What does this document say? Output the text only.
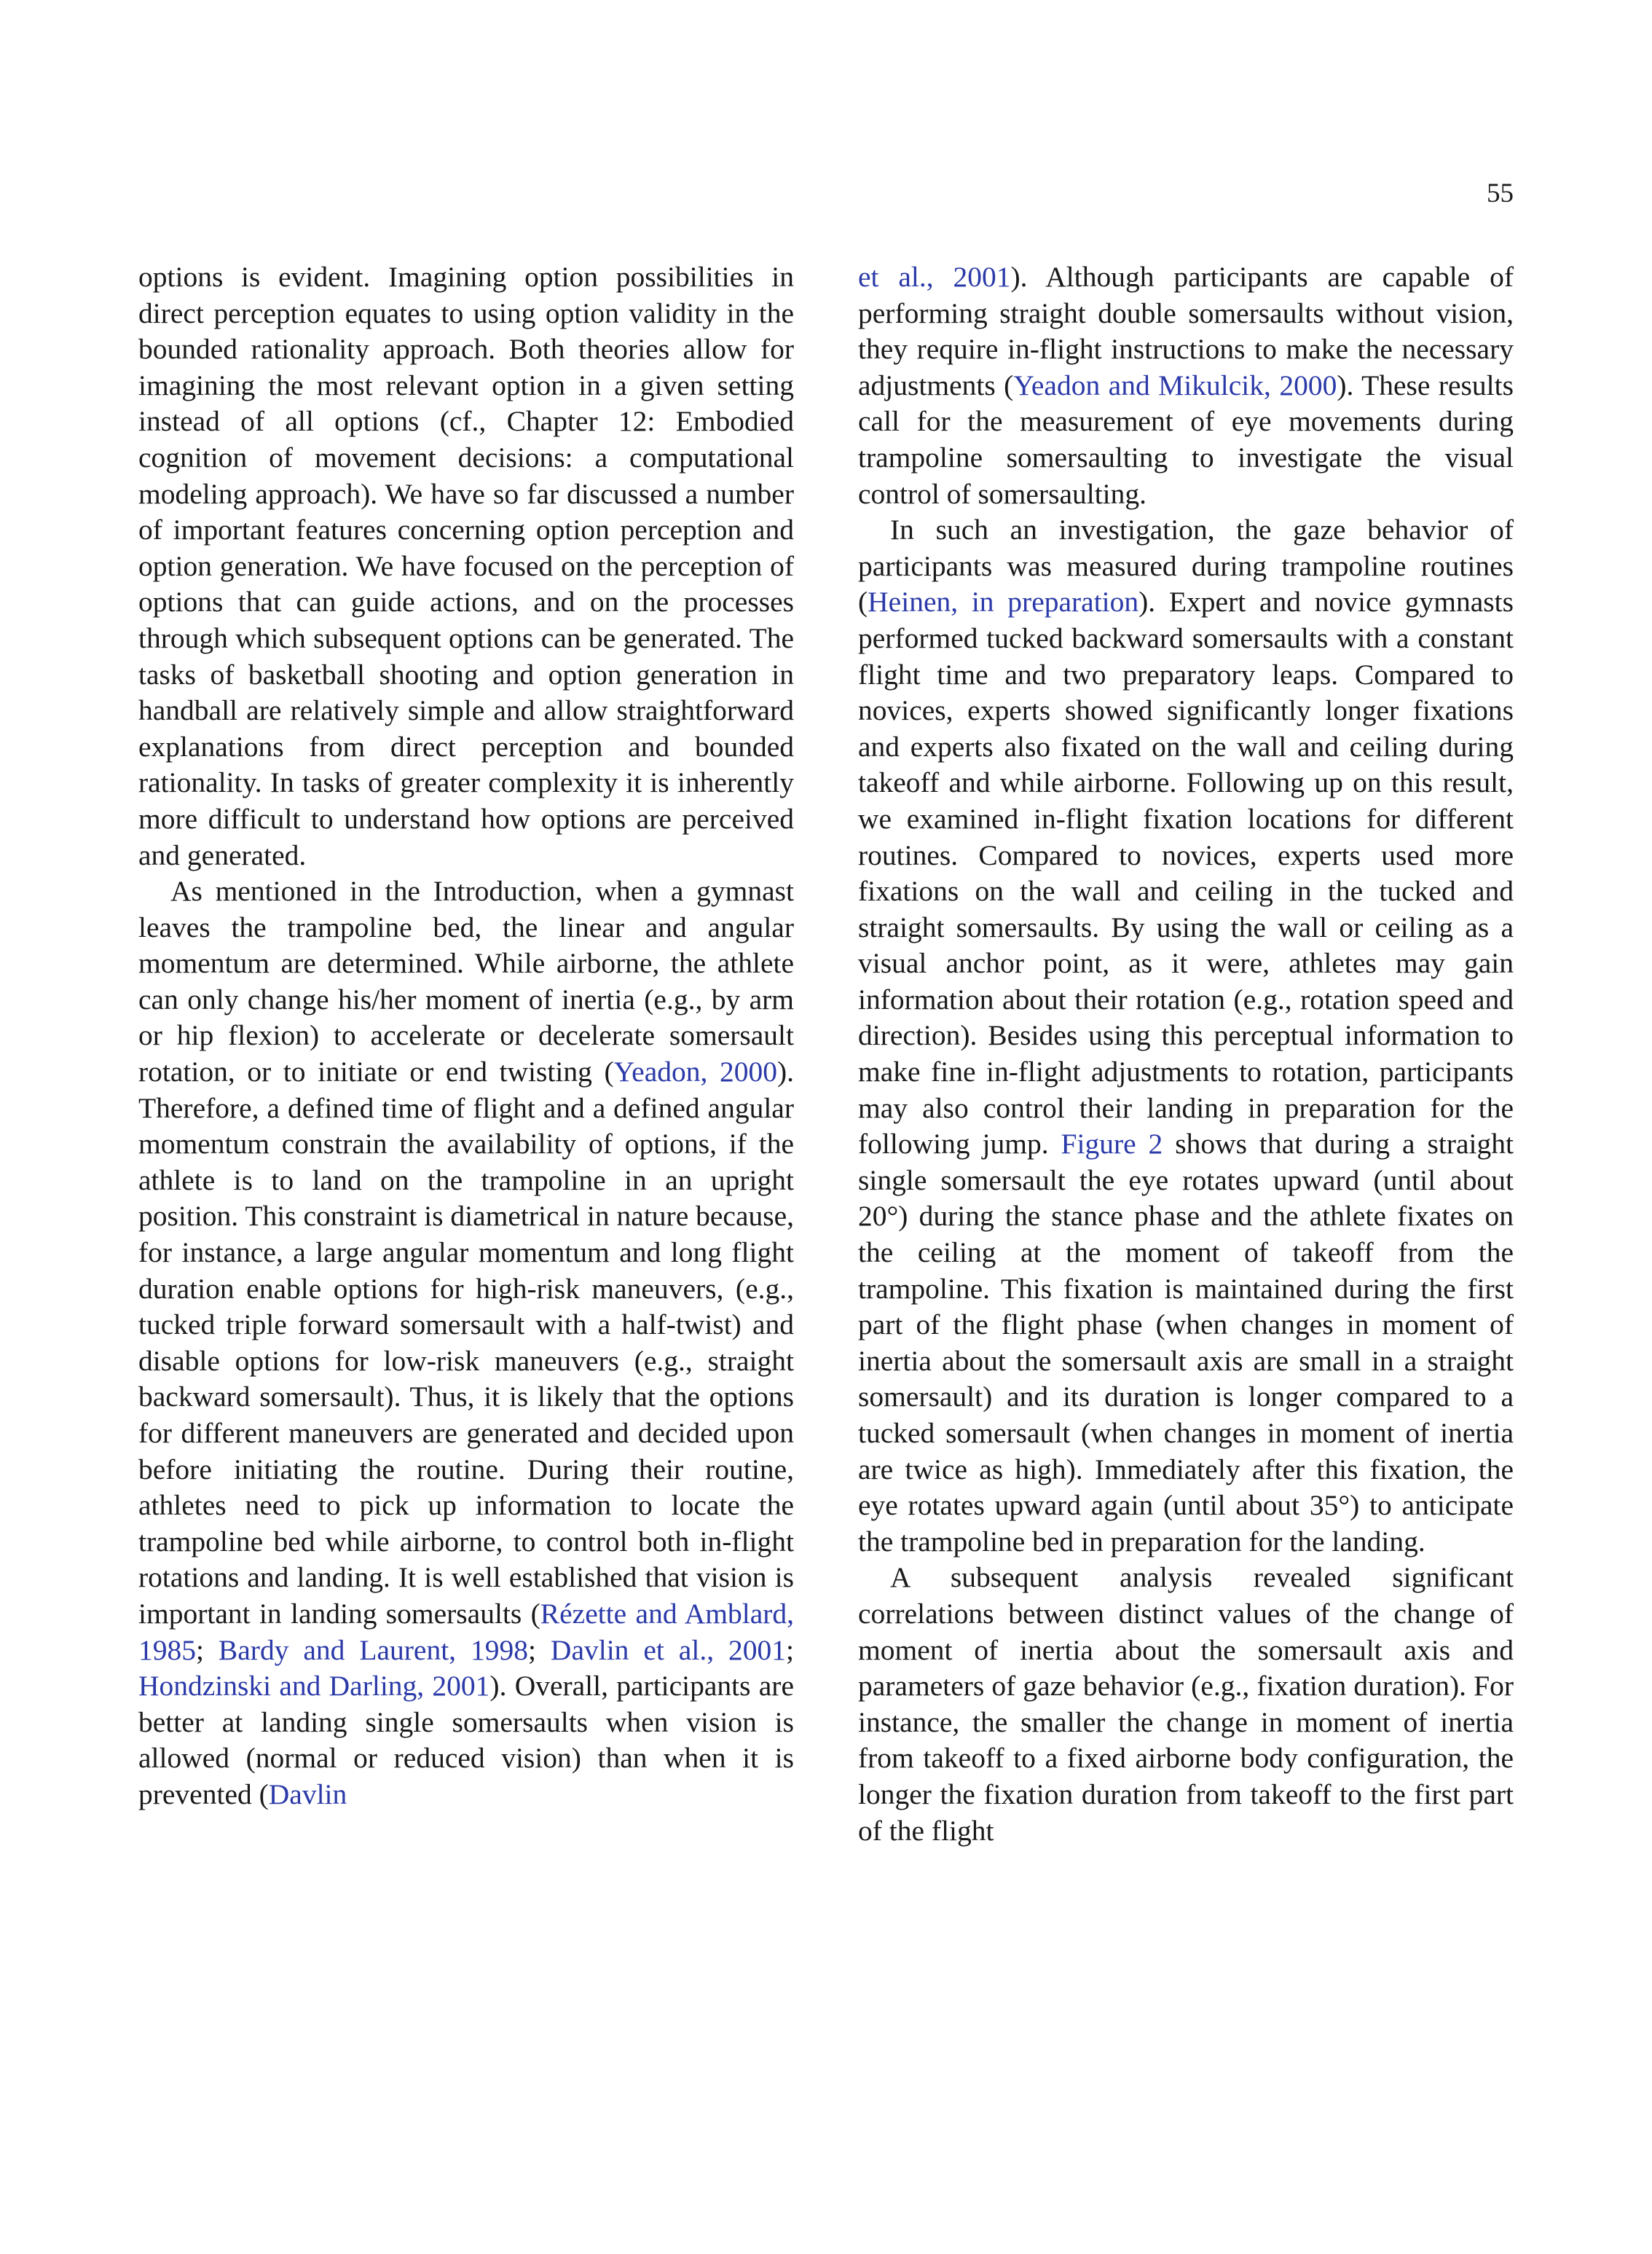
55

options is evident. Imagining option possibilities in direct perception equates to using option validity in the bounded rationality approach. Both theories allow for imagining the most relevant option in a given setting instead of all options (cf., Chapter 12: Embodied cognition of movement decisions: a computational modeling approach). We have so far discussed a number of important features concerning option perception and option generation. We have focused on the perception of options that can guide actions, and on the processes through which subsequent options can be generated. The tasks of basketball shooting and option generation in handball are relatively simple and allow straightforward explanations from direct perception and bounded rationality. In tasks of greater complexity it is inherently more difficult to understand how options are perceived and generated.

As mentioned in the Introduction, when a gymnast leaves the trampoline bed, the linear and angular momentum are determined. While airborne, the athlete can only change his/her moment of inertia (e.g., by arm or hip flexion) to accelerate or decelerate somersault rotation, or to initiate or end twisting (Yeadon, 2000). Therefore, a defined time of flight and a defined angular momentum constrain the availability of options, if the athlete is to land on the trampoline in an upright position. This constraint is diametrical in nature because, for instance, a large angular momentum and long flight duration enable options for high-risk maneuvers, (e.g., tucked triple forward somersault with a half-twist) and disable options for low-risk maneuvers (e.g., straight backward somersault). Thus, it is likely that the options for different maneuvers are generated and decided upon before initiating the routine. During their routine, athletes need to pick up information to locate the trampoline bed while airborne, to control both in-flight rotations and landing. It is well established that vision is important in landing somersaults (Rézette and Amblard, 1985; Bardy and Laurent, 1998; Davlin et al., 2001; Hondzinski and Darling, 2001). Overall, participants are better at landing single somersaults when vision is allowed (normal or reduced vision) than when it is prevented (Davlin

et al., 2001). Although participants are capable of performing straight double somersaults without vision, they require in-flight instructions to make the necessary adjustments (Yeadon and Mikulcik, 2000). These results call for the measurement of eye movements during trampoline somersaulting to investigate the visual control of somersaulting.

In such an investigation, the gaze behavior of participants was measured during trampoline routines (Heinen, in preparation). Expert and novice gymnasts performed tucked backward somersaults with a constant flight time and two preparatory leaps. Compared to novices, experts showed significantly longer fixations and experts also fixated on the wall and ceiling during takeoff and while airborne. Following up on this result, we examined in-flight fixation locations for different routines. Compared to novices, experts used more fixations on the wall and ceiling in the tucked and straight somersaults. By using the wall or ceiling as a visual anchor point, as it were, athletes may gain information about their rotation (e.g., rotation speed and direction). Besides using this perceptual information to make fine in-flight adjustments to rotation, participants may also control their landing in preparation for the following jump. Figure 2 shows that during a straight single somersault the eye rotates upward (until about 20°) during the stance phase and the athlete fixates on the ceiling at the moment of takeoff from the trampoline. This fixation is maintained during the first part of the flight phase (when changes in moment of inertia about the somersault axis are small in a straight somersault) and its duration is longer compared to a tucked somersault (when changes in moment of inertia are twice as high). Immediately after this fixation, the eye rotates upward again (until about 35°) to anticipate the trampoline bed in preparation for the landing.

A subsequent analysis revealed significant correlations between distinct values of the change of moment of inertia about the somersault axis and parameters of gaze behavior (e.g., fixation duration). For instance, the smaller the change in moment of inertia from takeoff to a fixed airborne body configuration, the longer the fixation duration from takeoff to the first part of the flight
